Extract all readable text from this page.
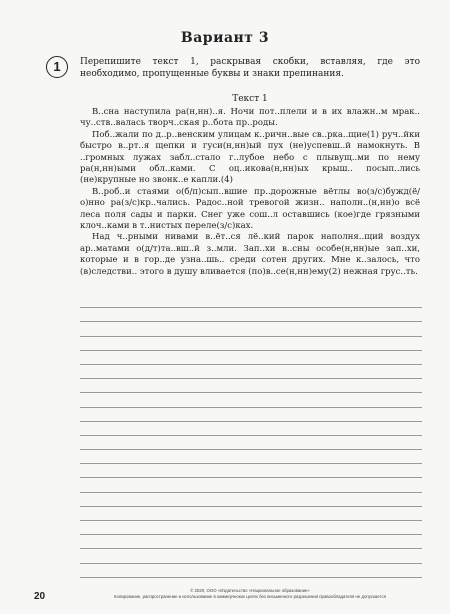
Вариант 3
1	Перепишите текст 1, раскрывая скобки, вставляя, где это необходимо, пропущенные буквы и знаки препинания.
Текст 1

В..сна наступила ра(н,нн)..я. Ночи пот..плели и в их влажн..м мрак.. чу..ств..валась творч..ская р..бота пр..роды.

Поб..жали по д..р..венским улицам к..ричн..вые св..рка..щие(1) руч..йки быстро в..рт..я щепки и гуси(н,нн)ый пух (не)успевш..й намокнуть. В ..громных лужах забл..стало г..лубое небо с плывущ..ми по нему ра(н,нн)ыми обл..ками. С оц..икова(н,нн)ых крыш.. посып..лись (не)крупные но звонк..е капли.(4)

В..роб..и стаями о(б/п)сып..вшие пр..дорожные вётлы во(з/с)бужд(ё/о)нно ра(з/с)кр..чались. Радос..ной тревогой жизн.. наполн..(н,нн)о всё леса поля сады и парки. Снег уже сош..л оставшись (кое)где грязными клоч..ками в т..нистых перелe(з/с)ках.

Над ч..рными нивами в..ёт..ся лё..кий парок наполня..щий воздух ар..матами о(д/т)та..вш..й з..мли. Зап..хи в..сны особе(н,нн)ые зап..хи, которые и в гор..де узна..шь.. среди сотен других. Мне к..залось, что (в)следстви.. этого в душу вливается (по)в..се(н,нн)ему(2) нежная грус..ть.

20
© 2020, ООО «Издательство «Национальное образование»
Копирование, распространение и использование в коммерческих целях без письменного разрешения правообладателя не допускается
